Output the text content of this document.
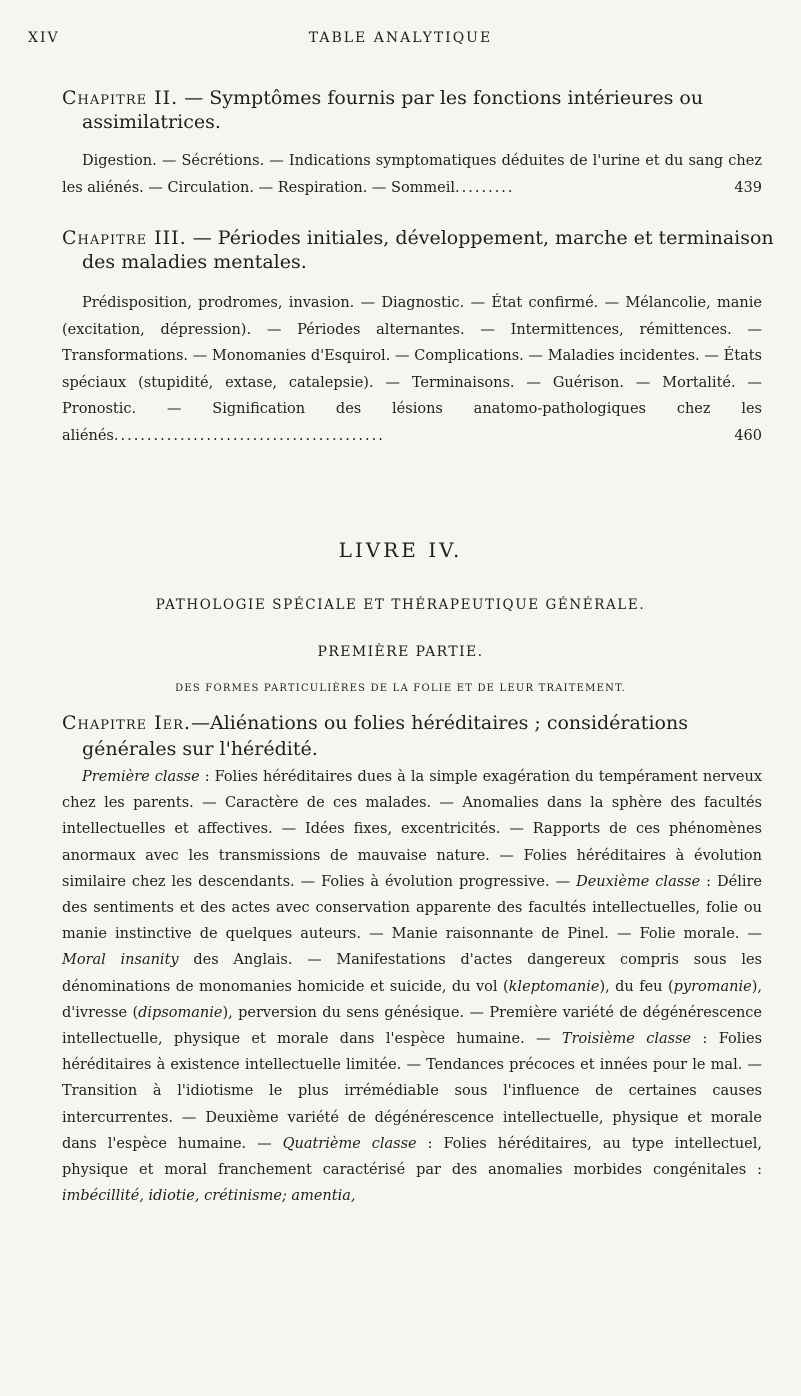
XIV	TABLE ANALYTIQUE
Chapitre II. — Symptômes fournis par les fonctions intérieures ou assimilatrices.
Digestion. — Sécrétions. — Indications symptomatiques déduites de l'urine et du sang chez les aliénés. — Circulation. — Respiration. — Sommeil.........	439
Chapitre III. — Périodes initiales, développement, marche et terminaison des maladies mentales.
Prédisposition, prodromes, invasion. — Diagnostic. — État confirmé. — Mélancolie, manie (excitation, dépression). — Périodes alternantes. — Intermittences, rémittences. — Transformations. — Monomanies d'Esquirol. — Complications. — Maladies incidentes. — États spéciaux (stupidité, extase, catalepsie). — Terminaisons. — Guérison. — Mortalité. — Pronostic. — Signification des lésions anatomo-pathologiques chez les aliénés.........................................	460
LIVRE IV.
PATHOLOGIE SPÉCIALE ET THÉRAPEUTIQUE GÉNÉRALE.
PREMIÈRE PARTIE.
DES FORMES PARTICULIÈRES DE LA FOLIE ET DE LEUR TRAITEMENT.
Chapitre Ier.—Aliénations ou folies héréditaires ; considérations générales sur l'hérédité.
Première classe : Folies héréditaires dues à la simple exagération du tempérament nerveux chez les parents. — Caractère de ces malades. — Anomalies dans la sphère des facultés intellectuelles et affectives. — Idées fixes, excentricités. — Rapports de ces phénomènes anormaux avec les transmissions de mauvaise nature. — Folies héréditaires à évolution similaire chez les descendants. — Folies à évolution progressive. — Deuxième classe : Délire des sentiments et des actes avec conservation apparente des facultés intellectuelles, folie ou manie instinctive de quelques auteurs. — Manie raisonnante de Pinel. — Folie morale. — Moral insanity des Anglais. — Manifestations d'actes dangereux compris sous les dénominations de monomanies homicide et suicide, du vol (kleptomanie), du feu (pyromanie), d'ivresse (dipsomanie), perversion du sens génésique. — Première variété de dégénérescence intellectuelle, physique et morale dans l'espèce humaine. — Troisième classe : Folies héréditaires à existence intellectuelle limitée. — Tendances précoces et innées pour le mal. — Transition à l'idiotisme le plus irrémédiable sous l'influence de certaines causes intercurrentes. — Deuxième variété de dégénérescence intellectuelle, physique et morale dans l'espèce humaine. — Quatrième classe : Folies héréditaires, au type intellectuel, physique et moral franchement caractérisé par des anomalies morbides congénitales : imbécillité, idiotie, crétinisme; amentia,
